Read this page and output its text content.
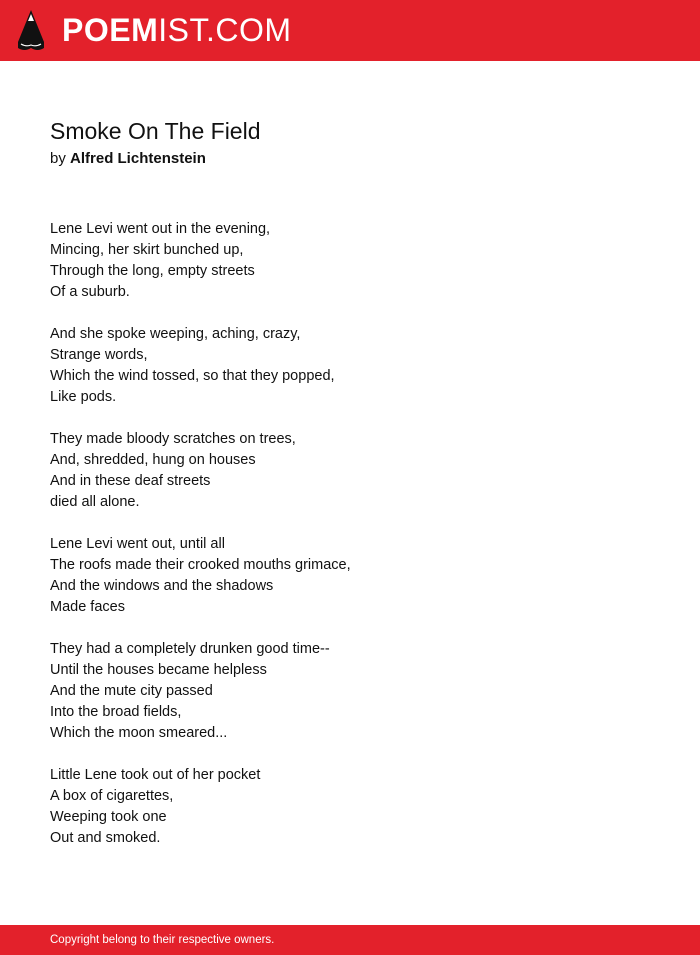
POEMIST.COM
Smoke On The Field
by Alfred Lichtenstein
Lene Levi went out in the evening,
Mincing, her skirt bunched up,
Through the long, empty streets
Of a suburb.
And she spoke weeping, aching, crazy,
Strange words,
Which the wind tossed, so that they popped,
Like pods.
They made bloody scratches on trees,
And, shredded, hung on houses
And in these deaf streets
died all alone.
Lene Levi went out, until all
The roofs made their crooked mouths grimace,
And the windows and the shadows
Made faces
They had a completely drunken good time--
Until the houses became helpless
And the mute city passed
Into the broad fields,
Which the moon smeared...
Little Lene took out of her pocket
A box of cigarettes,
Weeping took one
Out and smoked.
Copyright belong to their respective owners.
